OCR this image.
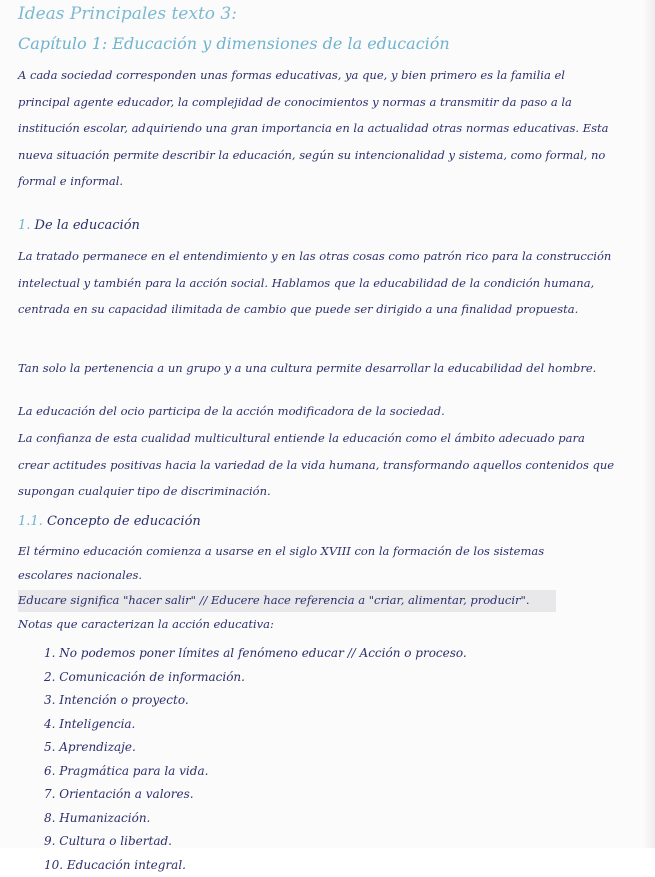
Ideas Principales texto 3:
Capítulo 1: Educación y dimensiones de la educación
A cada sociedad corresponden unas formas educativas, ya que, y bien primero es la familia el principal agente educador, la complejidad de conocimientos y normas a transmitir da paso a la institución escolar, adquiriendo una gran importancia en la actualidad otras normas educativas. Esta nueva situación permite describir la educación, según su intencionalidad y sistema, como formal, no formal e informal.
1. De la educación
La tratado permanece en el entendimiento y en las otras cosas como patrón rico para la construcción intelectual y también para la acción social. Hablamos que la educabilidad de la condición humana, centrada en su capacidad ilimitada de cambio que puede ser dirigido a una finalidad propuesta.
Tan solo la pertenencia a un grupo y a una cultura permite desarrollar la educabilidad del hombre.
La educación del ocio participa de la acción modificadora de la sociedad.
La confianza de esta cualidad multicultural entiende la educación como el ámbito adecuado para crear actitudes positivas hacia la variedad de la vida humana, transformando aquellos contenidos que supongan cualquier tipo de discriminación.
1.1. Concepto de educación
El término educación comienza a usarse en el siglo XVIII con la formación de los sistemas
escolares nacionales.
Educare significa "hacer salir" // Educere hace referencia a "criar, alimentar, producir".
Notas que caracterizan la acción educativa:
1. No podemos poner límites al fenómeno educar // Acción o proceso.
2. Comunicación de información.
3. Intención o proyecto.
4. Inteligencia.
5. Aprendizaje.
6. Pragmática para la vida.
7. Orientación a valores.
8. Humanización.
9. Cultura o libertad.
10. Educación integral.
